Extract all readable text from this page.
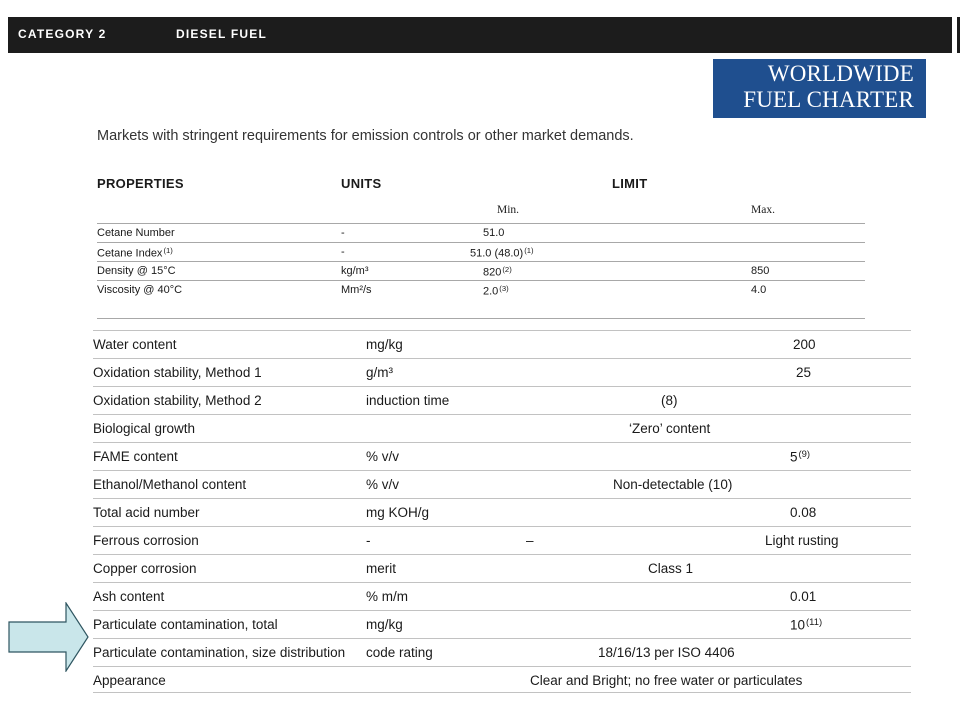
CATEGORY 2	DIESEL FUEL
WORLDWIDE
FUEL CHARTER
Markets with stringent requirements for emission controls or other market demands.
PROPERTIES	UNITS	LIMIT
Min.	Max.
Cetane Number	-	51.0
Cetane Index$^{(1)}$	-	51.0 $(48.0)^{(1)}$
Density @ 15°C	kg/m³	820$^{(2)}$	850
Viscosity @ 40°C	Mm²/s	2.0$^{(3)}$	4.0
Water content	mg/kg	200
Oxidation stability, Method 1	g/m³	25
Oxidation stability, Method 2	induction time	(8)
Biological growth	‘Zero’ content
FAME content	% v/v	5$^{(9)}$
Ethanol/Methanol content	% v/v	Non-detectable (10)
Total acid number	mg KOH/g	0.08
Ferrous corrosion	-	–	Light rusting
Copper corrosion	merit	Class 1
Ash content	% m/m	0.01
Particulate contamination, total	mg/kg	10$^{(11)}$
Particulate contamination, size distribution code rating	18/16/13 per ISO 4406
Appearance	Clear and Bright; no free water or particulates
